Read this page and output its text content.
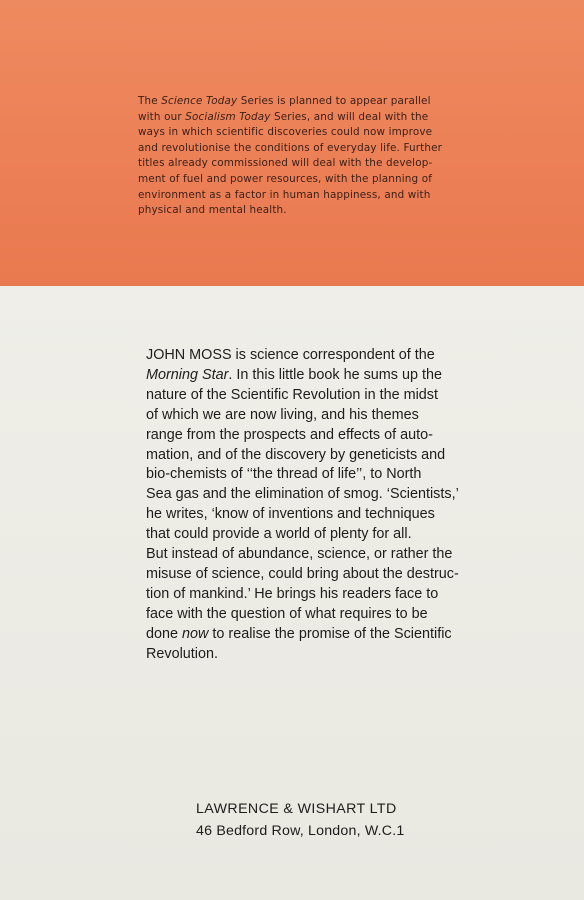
The Science Today Series is planned to appear parallel
with our Socialism Today Series, and will deal with the
ways in which scientific discoveries could now improve
and revolutionise the conditions of everyday life. Further
titles already commissioned will deal with the develop-
ment of fuel and power resources, with the planning of
environment as a factor in human happiness, and with
physical and mental health.
JOHN MOSS is science correspondent of the
Morning Star. In this little book he sums up the
nature of the Scientific Revolution in the midst
of which we are now living, and his themes
range from the prospects and effects of auto-
mation, and of the discovery by geneticists and
bio-chemists of ‘‘the thread of life’’, to North
Sea gas and the elimination of smog. ‘Scientists,’
he writes, ‘know of inventions and techniques
that could provide a world of plenty for all.
But instead of abundance, science, or rather the
misuse of science, could bring about the destruc-
tion of mankind.’ He brings his readers face to
face with the question of what requires to be
done now to realise the promise of the Scientific
Revolution.
LAWRENCE & WISHART LTD
46 Bedford Row, London, W.C.1
